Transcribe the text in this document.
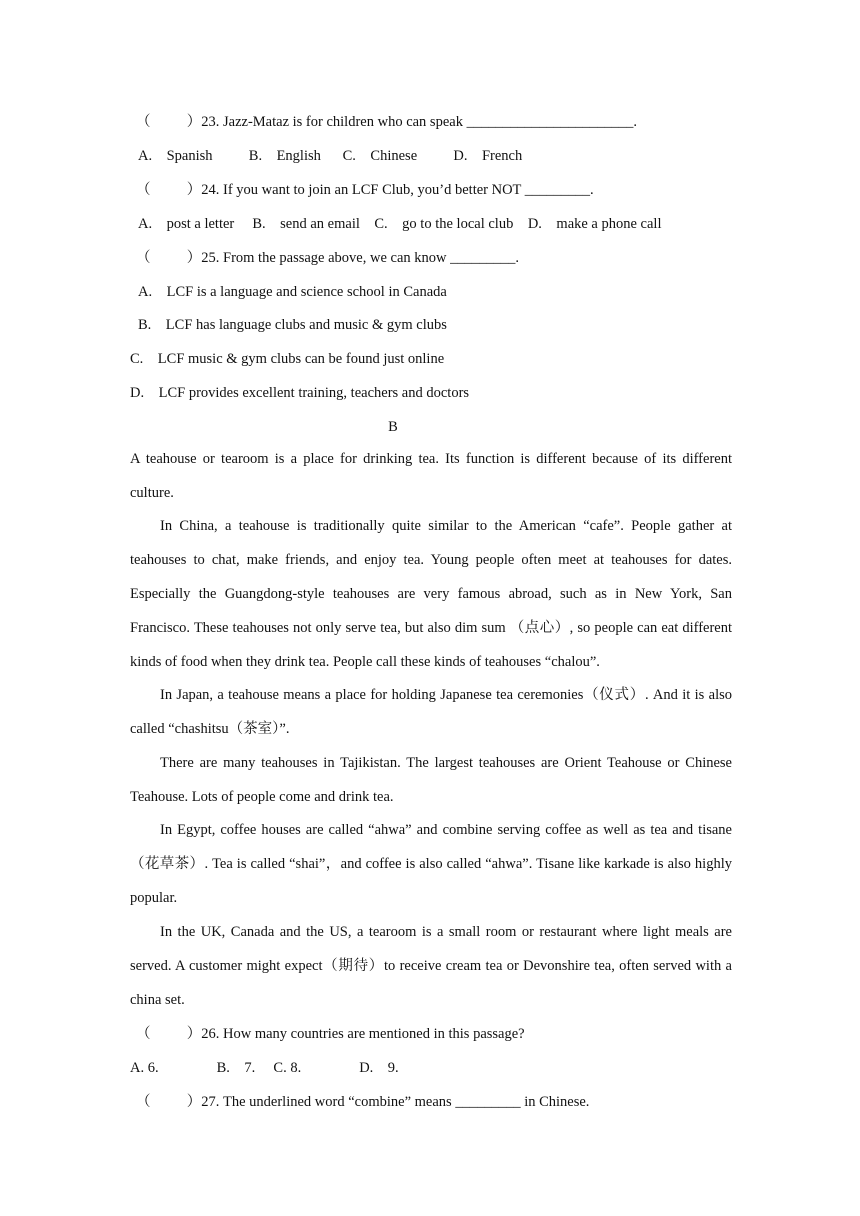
（          ）23. Jazz-Mataz is for children who can speak _______________________.
A.    Spanish          B.    English      C.    Chinese          D.    French
（          ）24. If you want to join an LCF Club, you’d better NOT _________.
A.    post a letter     B.    send an email    C.    go to the local club    D.    make a phone call
（          ）25. From the passage above, we can know _________.
A.    LCF is a language and science school in Canada
B.    LCF has language clubs and music & gym clubs
C.    LCF music & gym clubs can be found just online
D.    LCF provides excellent training, teachers and doctors
B
A teahouse or tearoom is a place for drinking tea. Its function is different because of its different culture.
In China, a teahouse is traditionally quite similar to the American “cafe”. People gather at teahouses to chat, make friends, and enjoy tea. Young people often meet at teahouses for dates. Especially the Guangdong-style teahouses are very famous abroad, such as in New York, San Francisco. These teahouses not only serve tea, but also dim sum （点心）, so people can eat different kinds of food when they drink tea. People call these kinds of teahouses “chalou”.
In Japan, a teahouse means a place for holding Japanese tea ceremonies（仪式）. And it is also called “chashitsu（茶室）”.
There are many teahouses in Tajikistan. The largest teahouses are Orient Teahouse or Chinese Teahouse. Lots of people come and drink tea.
In Egypt, coffee houses are called “ahwa” and combine serving coffee as well as tea and tisane（花草茶）. Tea is called “shai”，and coffee is also called “ahwa”. Tisane like karkade is also highly popular.
In the UK, Canada and the US, a tearoom is a small room or restaurant where light meals are served. A customer might expect（期待）to receive cream tea or Devonshire tea, often served with a china set.
（          ）26. How many countries are mentioned in this passage?
A. 6.                B.    7.     C. 8.                D.    9.
（          ）27. The underlined word “combine” means _________ in Chinese.
